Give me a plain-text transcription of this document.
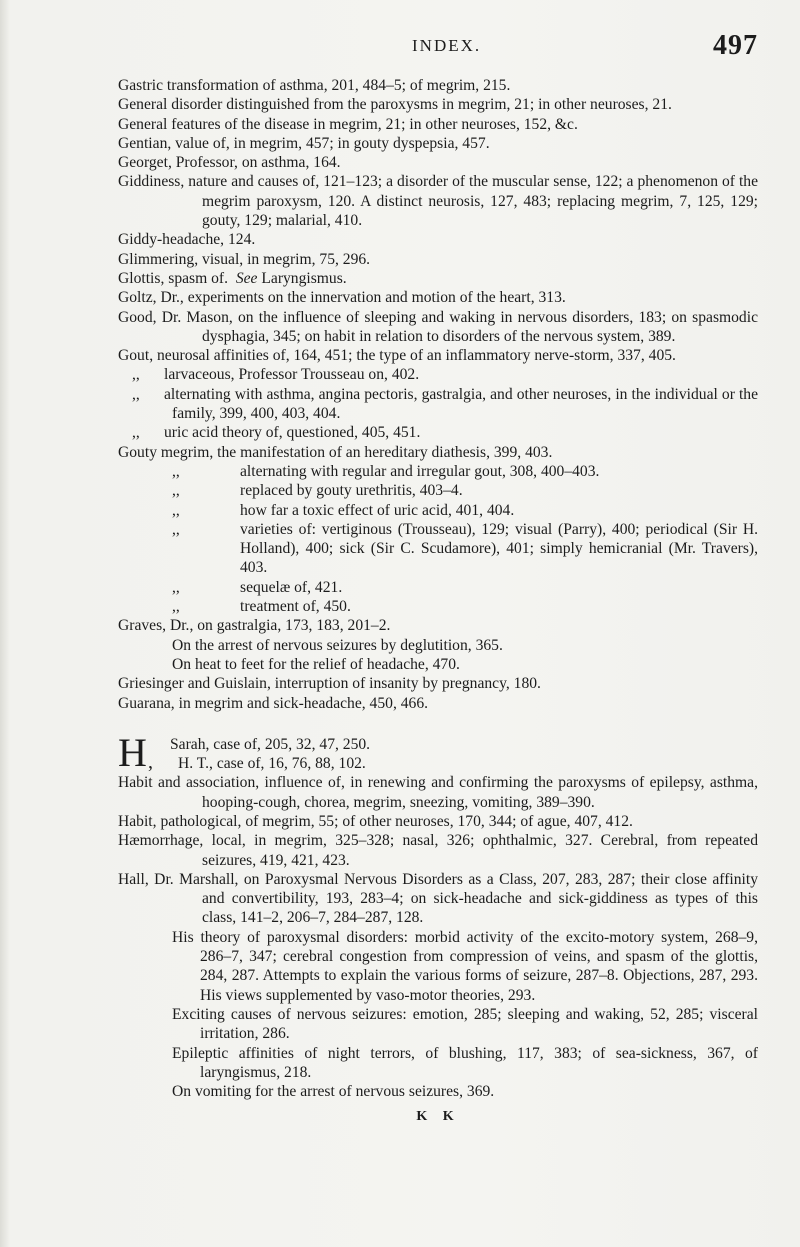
INDEX.	497

Gastric transformation of asthma, 201, 484–5; of megrim, 215.

General disorder distinguished from the paroxysms in megrim, 21; in other neuroses, 21.

General features of the disease in megrim, 21; in other neuroses, 152, &c.

Gentian, value of, in megrim, 457; in gouty dyspepsia, 457.

Georget, Professor, on asthma, 164.

Giddiness, nature and causes of, 121–123; a disorder of the muscular sense, 122; a phenomenon of the megrim paroxysm, 120. A distinct neurosis, 127, 483; replacing megrim, 7, 125, 129; gouty, 129; malarial, 410.

Giddy-headache, 124.

Glimmering, visual, in megrim, 75, 296.

Glottis, spasm of. See Laryngismus.

Goltz, Dr., experiments on the innervation and motion of the heart, 313.

Good, Dr. Mason, on the influence of sleeping and waking in nervous disorders, 183; on spasmodic dysphagia, 345; on habit in relation to disorders of the nervous system, 389.

Gout, neurosal affinities of, 164, 451; the type of an inflammatory nerve-storm, 337, 405.

,, larvaceous, Professor Trousseau on, 402.

,, alternating with asthma, angina pectoris, gastralgia, and other neuroses, in the individual or the family, 399, 400, 403, 404.

,, uric acid theory of, questioned, 405, 451.

Gouty megrim, the manifestation of an hereditary diathesis, 399, 403.

,,	alternating with regular and irregular gout, 308, 400–403.

,,	replaced by gouty urethritis, 403–4.

,,	how far a toxic effect of uric acid, 401, 404.

,,	varieties of: vertiginous (Trousseau), 129; visual (Parry), 400; periodical (Sir H. Holland), 400; sick (Sir C. Scudamore), 401; simply hemicranial (Mr. Travers), 403.

,,	sequelæ of, 421.

,,	treatment of, 450.

Graves, Dr., on gastralgia, 173, 183, 201–2.

On the arrest of nervous seizures by deglutition, 365.

On heat to feet for the relief of headache, 470.

Griesinger and Guislain, interruption of insanity by pregnancy, 180.

Guarana, in megrim and sick-headache, 450, 466.

H ,
Sarah, case of, 205, 32, 47, 250.
H. T., case of, 16, 76, 88, 102.

Habit and association, influence of, in renewing and confirming the paroxysms of epilepsy, asthma, hooping-cough, chorea, megrim, sneezing, vomiting, 389–390.

Habit, pathological, of megrim, 55; of other neuroses, 170, 344; of ague, 407, 412.

Hæmorrhage, local, in megrim, 325–328; nasal, 326; ophthalmic, 327. Cerebral, from repeated seizures, 419, 421, 423.

Hall, Dr. Marshall, on Paroxysmal Nervous Disorders as a Class, 207, 283, 287; their close affinity and convertibility, 193, 283–4; on sick-headache and sick-giddiness as types of this class, 141–2, 206–7, 284–287, 128.

His theory of paroxysmal disorders: morbid activity of the excito-motory system, 268–9, 286–7, 347; cerebral congestion from compression of veins, and spasm of the glottis, 284, 287. Attempts to explain the various forms of seizure, 287–8. Objections, 287, 293. His views supplemented by vaso-motor theories, 293.

Exciting causes of nervous seizures: emotion, 285; sleeping and waking, 52, 285; visceral irritation, 286.

Epileptic affinities of night terrors, of blushing, 117, 383; of sea-sickness, 367, of laryngismus, 218.

On vomiting for the arrest of nervous seizures, 369.

K K
